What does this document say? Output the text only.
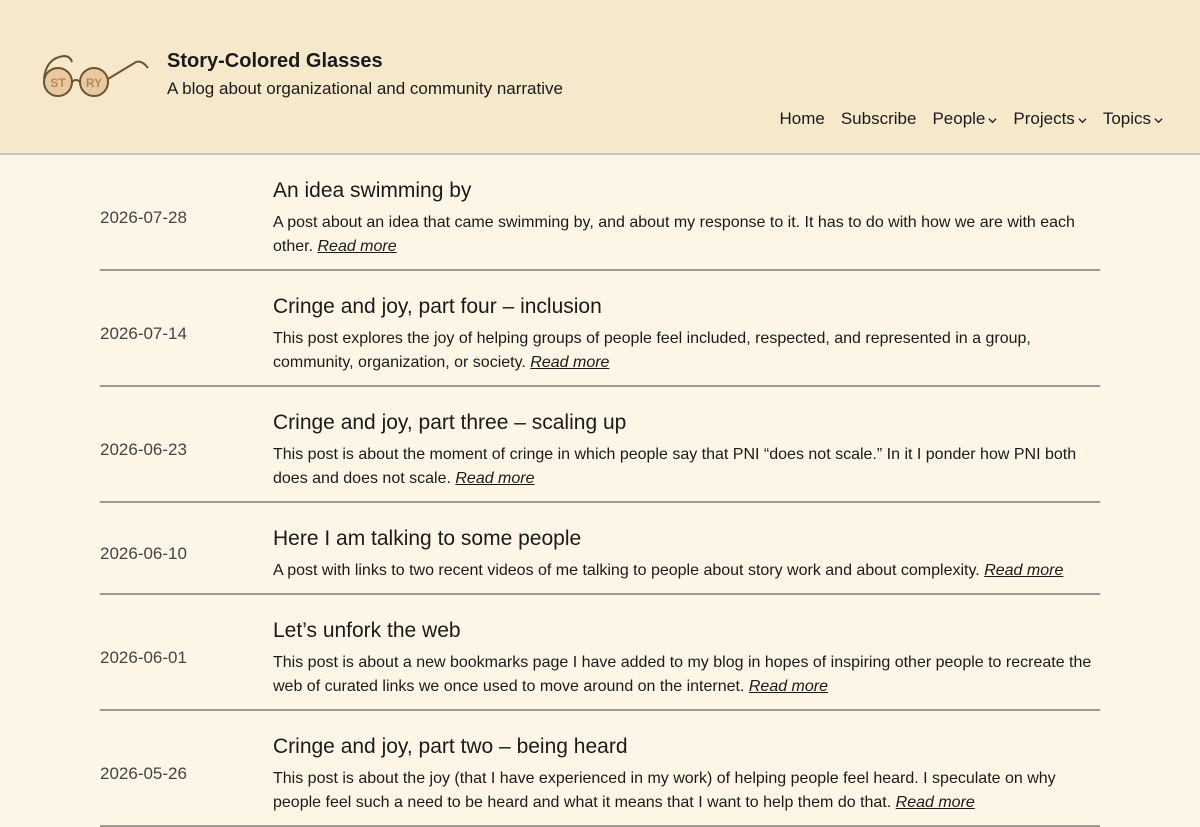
ST RY
Story-Colored Glasses
A blog about organizational and community narrative
Home Subscribe People Projects Topics
2026-07-28
An idea swimming by

A post about an idea that came swimming by, and about my response to it. It has to do with how we are with each other. Read more

2026-07-14
Cringe and joy, part four – inclusion

This post explores the joy of helping groups of people feel included, respected, and represented in a group, community, organization, or society. Read more

2026-06-23
Cringe and joy, part three – scaling up

This post is about the moment of cringe in which people say that PNI “does not scale.” In it I ponder how PNI both does and does not scale. Read more

2026-06-10
Here I am talking to some people

A post with links to two recent videos of me talking to people about story work and about complexity. Read more

2026-06-01
Let’s unfork the web

This post is about a new bookmarks page I have added to my blog in hopes of inspiring other people to recreate the web of curated links we once used to move around on the internet. Read more

2026-05-26
Cringe and joy, part two – being heard

This post is about the joy (that I have experienced in my work) of helping people feel heard. I speculate on why people feel such a need to be heard and what it means that I want to help them do that. Read more
